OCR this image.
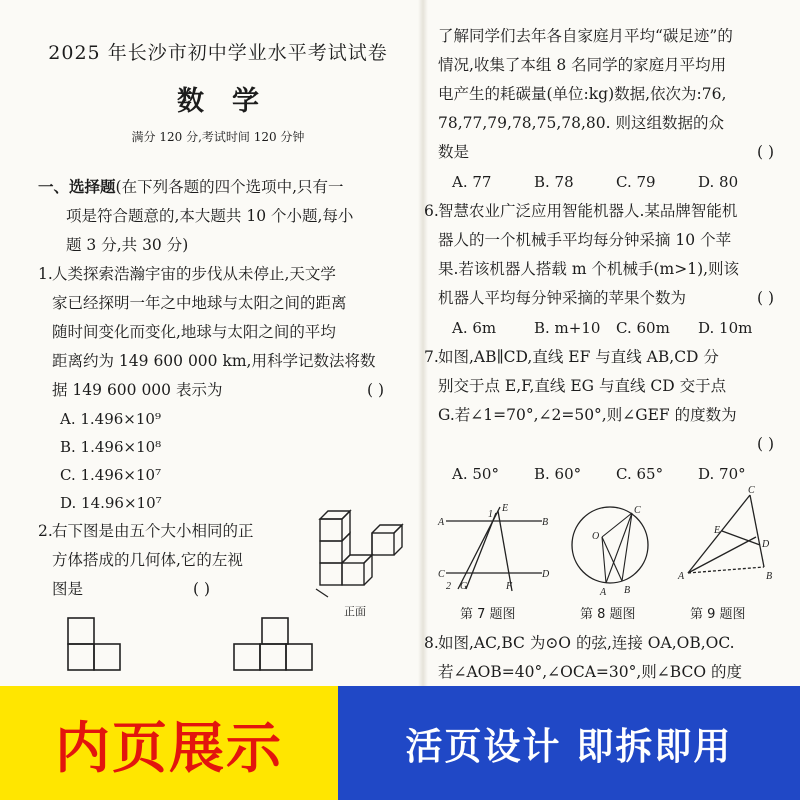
2025 年长沙市初中学业水平考试试卷
数学
满分 120 分,考试时间 120 分钟
一、选择题(在下列各题的四个选项中,只有一
项是符合题意的,本大题共 10 个小题,每小
题 3 分,共 30 分)
1.人类探索浩瀚宇宙的步伐从未停止,天文学
家已经探明一年之中地球与太阳之间的距离
随时间变化而变化,地球与太阳之间的平均
距离约为 149 600 000 km,用科学记数法将数
据 149 600 000 表示为	( )
A. 1.496×10⁹
B. 1.496×10⁸
C. 1.496×10⁷
D. 14.96×10⁷
2.右下图是由五个大小相同的正
方体搭成的几何体,它的左视
图是	( )
正面
了解同学们去年各自家庭月平均“碳足迹”的
情况,收集了本组 8 名同学的家庭月平均用
电产生的耗碳量(单位:kg)数据,依次为:76,
78,77,79,78,75,78,80. 则这组数据的众
数是	( )
A. 77	B. 78	C. 79	D. 80
6.智慧农业广泛应用智能机器人.某品牌智能机
器人的一个机械手平均每分钟采摘 10 个苹
果.若该机器人搭载 m 个机械手(m>1),则该
机器人平均每分钟采摘的苹果个数为	( )
A. 6m	B. m+10	C. 60m	D. 10m
7.如图,AB∥CD,直线 EF 与直线 AB,CD 分
别交于点 E,F,直线 EG 与直线 CD 交于点
G.若∠1=70°,∠2=50°,则∠GEF 的度数为
( )
A. 50°	B. 60°	C. 65°	D. 70°
A	B
C	D
E
F
G
1
2
第 7 题图
O
A B
C
第 8 题图
A	B
C
D
E
第 9 题图
8.如图,AC,BC 为⊙O 的弦,连接 OA,OB,OC.
若∠AOB=40°,∠OCA=30°,则∠BCO 的度
内页展示	活页设计 即拆即用
